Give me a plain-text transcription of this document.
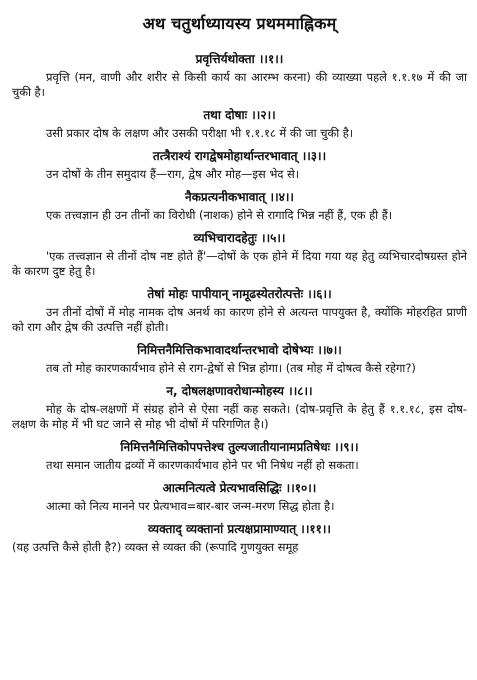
अथ चतुर्थाध्यायस्य प्रथममाह्निकम्
प्रवृत्तिर्यथोक्ता ।।१।।

प्रवृत्ति (मन, वाणी और शरीर से किसी कार्य का आरम्भ करना) की व्याख्या पहले १.१.१७ में की जा चुकी है।

तथा दोषाः ।।२।।

उसी प्रकार दोष के लक्षण और उसकी परीक्षा भी १.१.१८ में की जा चुकी है।

तत्त्रैराश्यं रागद्वेषमोहार्थान्तरभावात् ।।३।।

उन दोषों के तीन समुदाय हैं—राग, द्वेष और मोह—इस भेद से।

नैकप्रत्यनीकभावात् ।।४।।

एक तत्त्वज्ञान ही उन तीनों का विरोधी (नाशक) होने से रागादि भिन्न नहीं हैं, एक ही हैं।

व्यभिचारादहेतुः ।।५।।

'एक तत्त्वज्ञान से तीनों दोष नष्ट होते हैं'—दोषों के एक होने में दिया गया यह हेतु व्यभिचारदोषग्रस्त होने के कारण दुष्ट हेतु है।

तेषां मोहः पापीयान् नामूढस्येतरोत्पत्तेः ।।६।।

उन तीनों दोषों में मोह नामक दोष अनर्थ का कारण होने से अत्यन्त पापयुक्त है, क्योंकि मोहरहित प्राणी को राग और द्वेष की उत्पत्ति नहीं होती।

निमित्तनैमित्तिकभावादर्थान्तरभावो दोषेभ्यः ।।७।।

तब तो मोह कारणकार्यभाव होने से राग-द्वेषों से भिन्न होगा। (तब मोह में दोषत्व कैसे रहेगा?)

न, दोषलक्षणावरोधान्मोहस्य ।।८।।

मोह के दोष-लक्षणों में संग्रह होने से ऐसा नहीं कह सकते। (दोष-प्रवृत्ति के हेतु हैं १.१.१८, इस दोष-लक्षण के मोह में भी घट जाने से मोह भी दोषों में परिगणित है।)

निमित्तनैमित्तिकोपपत्तेश्च तुल्यजातीयानामप्रतिषेधः ।।९।।

तथा समान जातीय द्रव्यों में कारणकार्यभाव होने पर भी निषेध नहीं हो सकता।

आत्मनित्यत्वे प्रेत्यभावसिद्धिः ।।१०।।

आत्मा को नित्य मानने पर प्रेत्यभाव=बार-बार जन्म-मरण सिद्ध होता है।

व्यक्ताद् व्यक्तानां प्रत्यक्षप्रामाण्यात् ।।११।।

(यह उत्पत्ति कैसे होती है?) व्यक्त से व्यक्त की (रूपादि गुणयुक्त समूह
